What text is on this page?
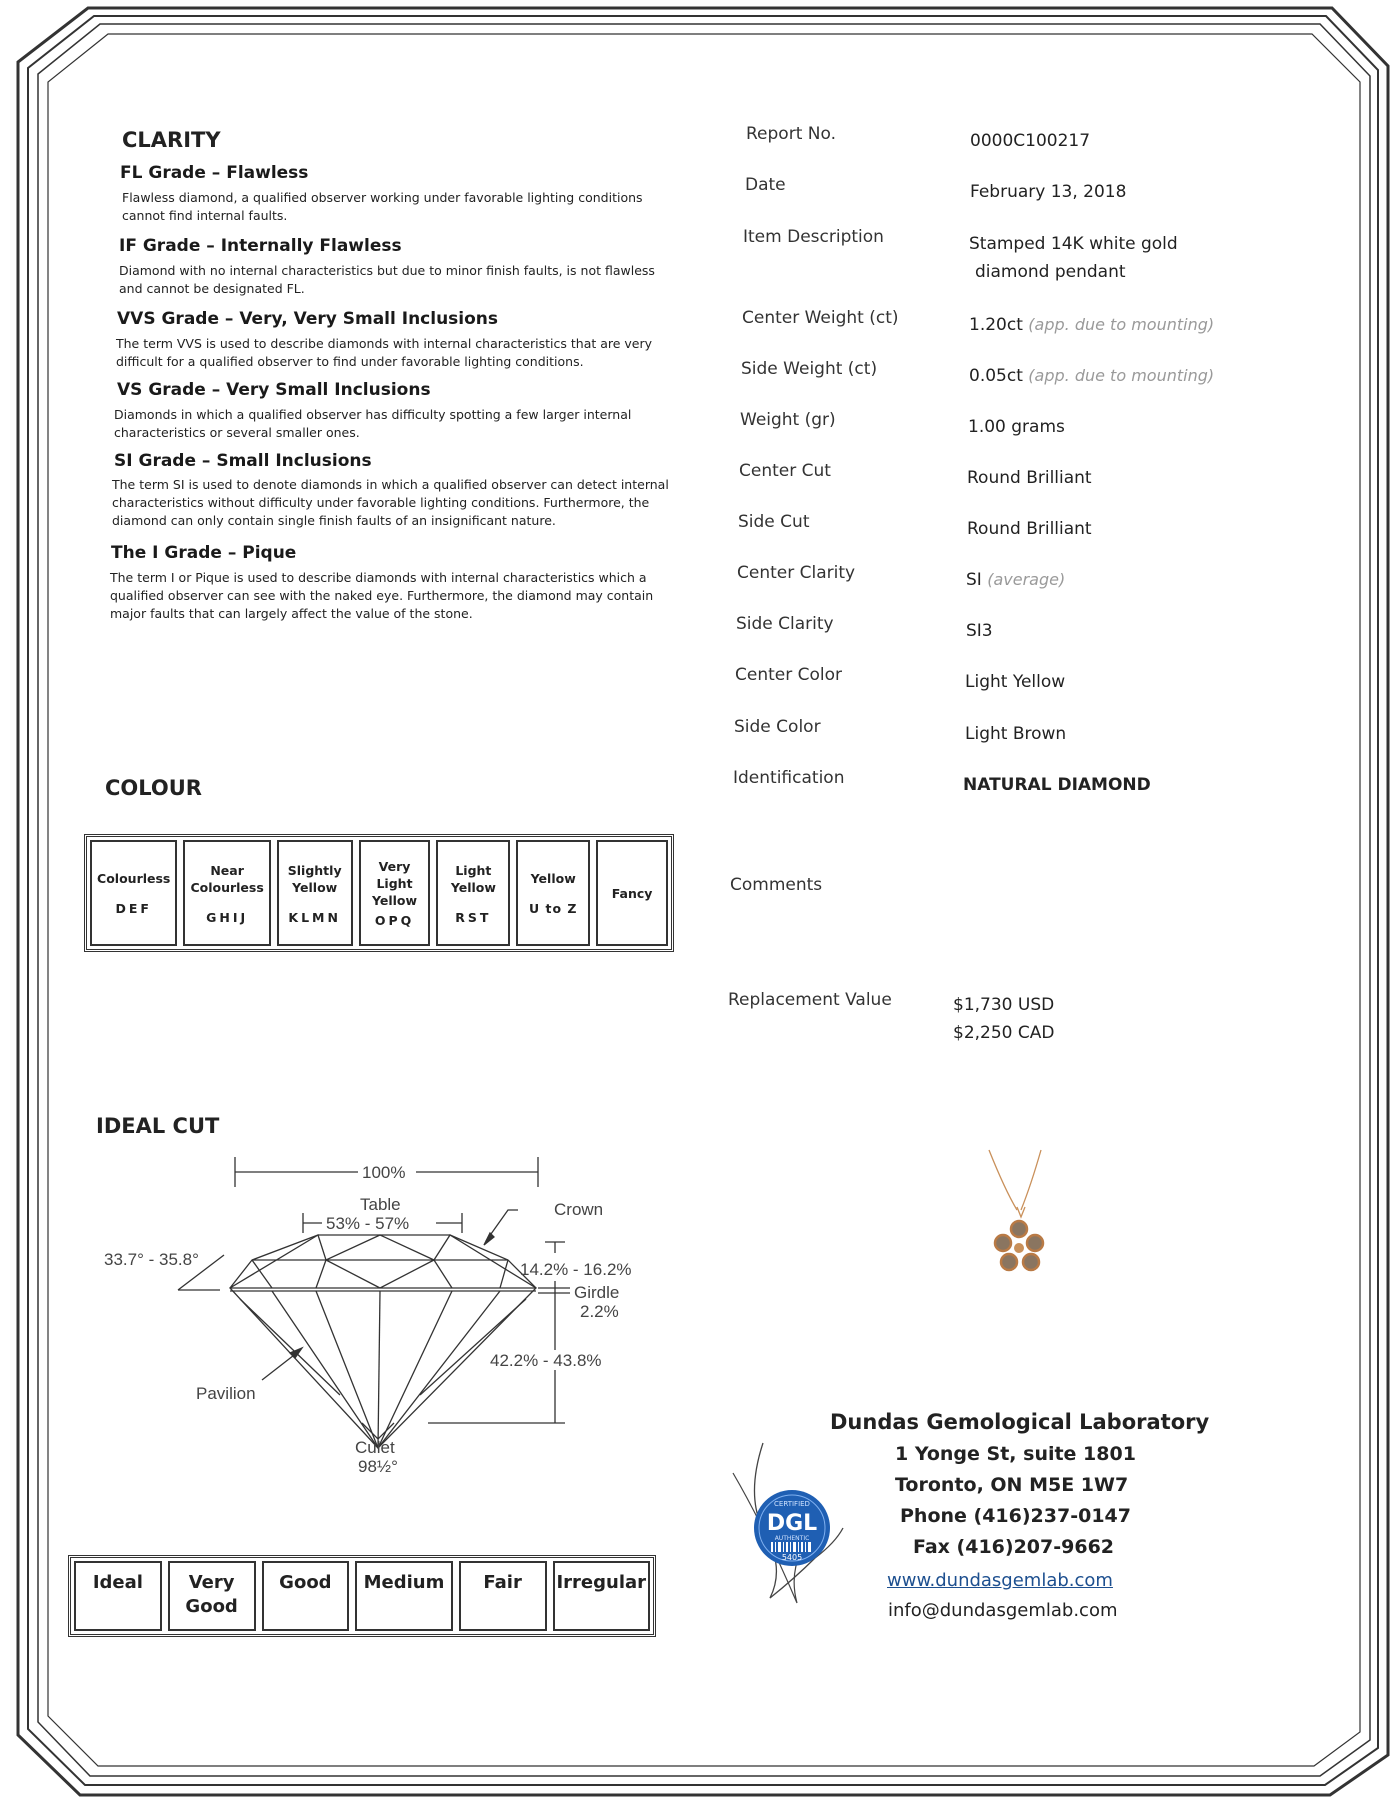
CLARITY
FL Grade – Flawless
Flawless diamond, a qualified observer working under favorable lighting conditions cannot find internal faults.
IF Grade – Internally Flawless
Diamond with no internal characteristics but due to minor finish faults, is not flawless and cannot be designated FL.
VVS Grade – Very, Very Small Inclusions
The term VVS is used to describe diamonds with internal characteristics that are very difficult for a qualified observer to find under favorable lighting conditions.
VS Grade – Very Small Inclusions
Diamonds in which a qualified observer has difficulty spotting a few larger internal characteristics or several smaller ones.
SI Grade – Small Inclusions
The term SI is used to denote diamonds in which a qualified observer can detect internal characteristics without difficulty under favorable lighting conditions. Furthermore, the diamond can only contain single finish faults of an insignificant nature.
The I Grade – Pique
The term I or Pique is used to describe diamonds with internal characteristics which a qualified observer can see with the naked eye. Furthermore, the diamond may contain major faults that can largely affect the value of the stone.
COLOUR
Colourless
DEF
Near Colourless
GHIJ
Slightly Yellow
KLMN
Very Light Yellow
OPQ
Light Yellow
RST
Yellow
U to Z
Fancy
IDEAL CUT
100%
Table
53% - 57%
Crown
33.7° - 35.8°
14.2% - 16.2%
Girdle
2.2%
42.2% - 43.8%
Pavilion
Culet
98½°
Ideal	Very Good
Good	Medium	Fair	Irregular
Report No.	0000C100217
Date	February 13, 2018
Item Description	Stamped 14K white gold
diamond pendant
Center Weight (ct)	1.20ct (app. due to mounting)
Side Weight (ct)	0.05ct (app. due to mounting)
Weight (gr)	1.00 grams
Center Cut	Round Brilliant
Side Cut	Round Brilliant
Center Clarity	SI (average)
Side Clarity	SI3
Center Color	Light Yellow
Side Color	Light Brown
Identification	NATURAL DIAMOND
Comments
Replacement Value	$1,730 USD
$2,250 CAD
Dundas Gemological Laboratory
1 Yonge St, suite 1801
Toronto, ON M5E 1W7
Phone (416)237-0147
Fax (416)207-9662
www.dundasgemlab.com
info@dundasgemlab.com
CERTIFIED
DGL
AUTHENTIC
5405
